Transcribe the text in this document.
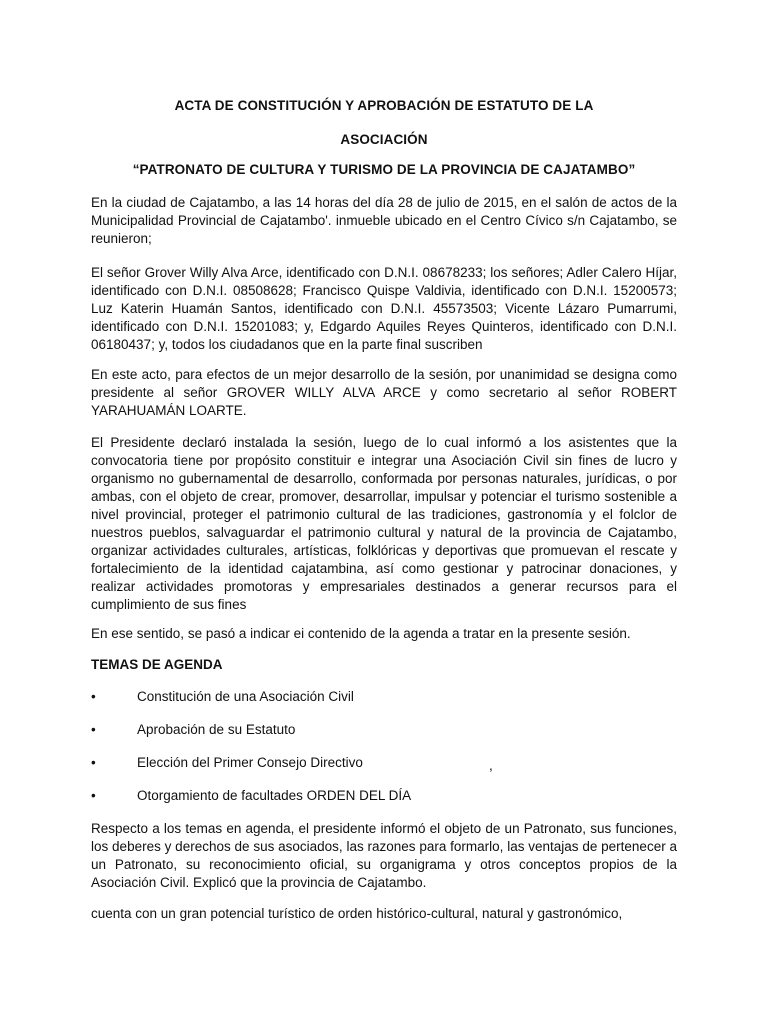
ACTA DE CONSTITUCIÓN Y APROBACIÓN DE ESTATUTO DE LA
ASOCIACIÓN
“PATRONATO DE CULTURA Y TURISMO DE LA PROVINCIA DE CAJATAMBO”

En la ciudad de Cajatambo, a las 14 horas del día 28 de julio de 2015, en el salón de actos de la Municipalidad Provincial de Cajatambo'. inmueble ubicado en el Centro Cívico s/n Cajatambo, se reunieron;

El señor Grover Willy Alva Arce, identificado con D.N.I. 08678233; los señores; Adler Calero Híjar, identificado con D.N.I. 08508628; Francisco Quispe Valdivia, identificado con D.N.I. 15200573; Luz Katerin Huamán Santos, identificado con D.N.I. 45573503; Vicente Lázaro Pumarrumi, identificado con D.N.I. 15201083; y, Edgardo Aquiles Reyes Quinteros, identificado con D.N.I. 06180437; y, todos los ciudadanos que en la parte final suscriben

En este acto, para efectos de un mejor desarrollo de la sesión, por unanimidad se designa como presidente al señor GROVER WILLY ALVA ARCE y como secretario al señor ROBERT YARAHUAMÁN LOARTE.

El Presidente declaró instalada la sesión, luego de lo cual informó a los asistentes que la convocatoria tiene por propósito constituir e integrar una Asociación Civil sin fines de lucro y organismo no gubernamental de desarrollo, conformada por personas naturales, jurídicas, o por ambas, con el objeto de crear, promover, desarrollar, impulsar y potenciar el turismo sostenible a nivel provincial, proteger el patrimonio cultural de las tradiciones, gastronomía y el folclor de nuestros pueblos, salvaguardar el patrimonio cultural y natural de la provincia de Cajatambo, organizar actividades culturales, artísticas, folklóricas y deportivas que promuevan el rescate y fortalecimiento de la identidad cajatambina, así como gestionar y patrocinar donaciones, y realizar actividades promotoras y empresariales destinados a generar recursos para el cumplimiento de sus fines

En ese sentido, se pasó a indicar ei contenido de la agenda a tratar en la presente sesión.

TEMAS DE AGENDA
•	Constitución de una Asociación Civil
•	Aprobación de su Estatuto
•	Elección del Primer Consejo Directivo	,
•	Otorgamiento de facultades ORDEN DEL DÍA

Respecto a los temas en agenda, el presidente informó el objeto de un Patronato, sus funciones, los deberes y derechos de sus asociados, las razones para formarlo, las ventajas de pertenecer a un Patronato, su reconocimiento oficial, su organigrama y otros conceptos propios de la Asociación Civil. Explicó que la provincia de Cajatambo.

cuenta con un gran potencial turístico de orden histórico-cultural, natural y gastronómico,
